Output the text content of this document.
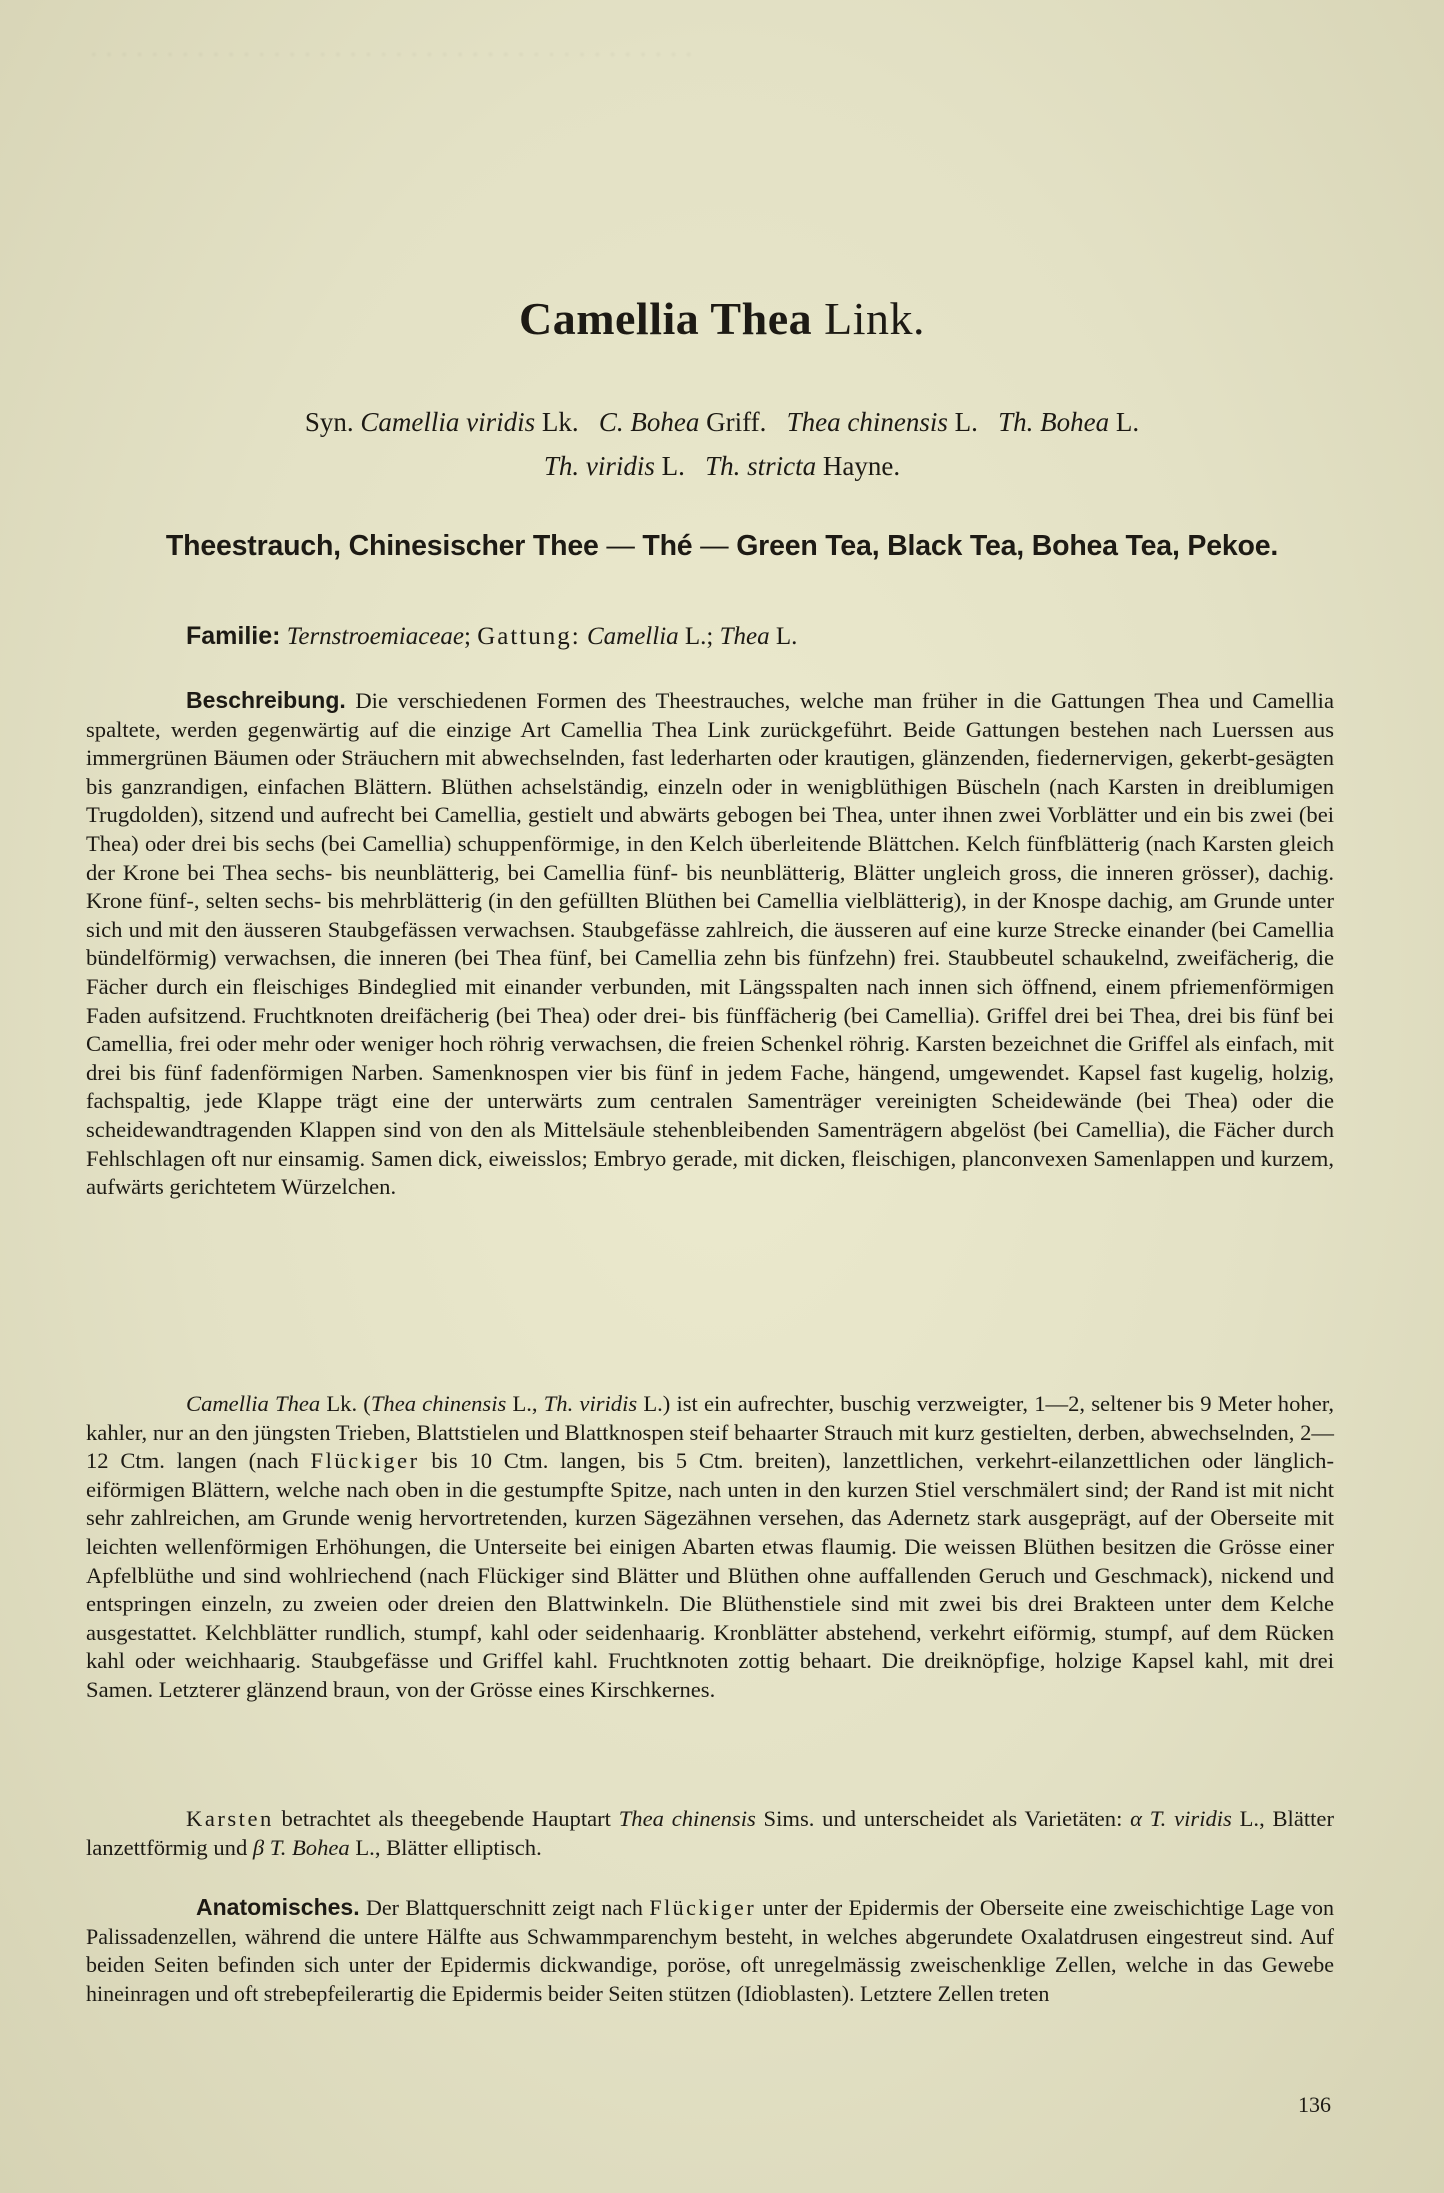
· · · · · · · · · · · · · · · · · · · · · · · · · · · · · · · · · · · · · · · ·
Camellia Thea Link.
Syn. Camellia viridis Lk.   C. Bohea Griff.   Thea chinensis L.   Th. Bohea L.
Th. viridis L.   Th. stricta Hayne.
Theestrauch, Chinesischer Thee — Thé — Green Tea, Black Tea, Bohea Tea, Pekoe.
Familie: Ternstroemiaceae; Gattung: Camellia L.; Thea L.
Beschreibung. Die verschiedenen Formen des Theestrauches, welche man früher in die Gattungen Thea und Camellia spaltete, werden gegenwärtig auf die einzige Art Camellia Thea Link zurückgeführt. Beide Gattungen bestehen nach Luerssen aus immergrünen Bäumen oder Sträuchern mit abwechselnden, fast lederharten oder krautigen, glänzenden, fiedernervigen, gekerbt-gesägten bis ganzrandigen, einfachen Blättern. Blüthen achselständig, einzeln oder in wenigblüthigen Büscheln (nach Karsten in dreiblumigen Trugdolden), sitzend und aufrecht bei Camellia, gestielt und abwärts gebogen bei Thea, unter ihnen zwei Vorblätter und ein bis zwei (bei Thea) oder drei bis sechs (bei Camellia) schuppenförmige, in den Kelch überleitende Blättchen. Kelch fünfblätterig (nach Karsten gleich der Krone bei Thea sechs- bis neunblätterig, bei Camellia fünf- bis neunblätterig, Blätter ungleich gross, die inneren grösser), dachig. Krone fünf-, selten sechs- bis mehrblätterig (in den gefüllten Blüthen bei Camellia vielblätterig), in der Knospe dachig, am Grunde unter sich und mit den äusseren Staubgefässen verwachsen. Staubgefässe zahlreich, die äusseren auf eine kurze Strecke einander (bei Camellia bündelförmig) verwachsen, die inneren (bei Thea fünf, bei Camellia zehn bis fünfzehn) frei. Staubbeutel schaukelnd, zweifächerig, die Fächer durch ein fleischiges Bindeglied mit einander verbunden, mit Längsspalten nach innen sich öffnend, einem pfriemenförmigen Faden aufsitzend. Fruchtknoten dreifächerig (bei Thea) oder drei- bis fünffächerig (bei Camellia). Griffel drei bei Thea, drei bis fünf bei Camellia, frei oder mehr oder weniger hoch röhrig verwachsen, die freien Schenkel röhrig. Karsten bezeichnet die Griffel als einfach, mit drei bis fünf fadenförmigen Narben. Samenknospen vier bis fünf in jedem Fache, hängend, umgewendet. Kapsel fast kugelig, holzig, fachspaltig, jede Klappe trägt eine der unterwärts zum centralen Samenträger vereinigten Scheidewände (bei Thea) oder die scheidewandtragenden Klappen sind von den als Mittelsäule stehenbleibenden Samenträgern abgelöst (bei Camellia), die Fächer durch Fehlschlagen oft nur einsamig. Samen dick, eiweisslos; Embryo gerade, mit dicken, fleischigen, planconvexen Samenlappen und kurzem, aufwärts gerichtetem Würzelchen.
Camellia Thea Lk. (Thea chinensis L., Th. viridis L.) ist ein aufrechter, buschig verzweigter, 1—2, seltener bis 9 Meter hoher, kahler, nur an den jüngsten Trieben, Blattstielen und Blattknospen steif behaarter Strauch mit kurz gestielten, derben, abwechselnden, 2—12 Ctm. langen (nach Flückiger bis 10 Ctm. langen, bis 5 Ctm. breiten), lanzettlichen, verkehrt-eilanzettlichen oder länglich-eiförmigen Blättern, welche nach oben in die gestumpfte Spitze, nach unten in den kurzen Stiel verschmälert sind; der Rand ist mit nicht sehr zahlreichen, am Grunde wenig hervortretenden, kurzen Sägezähnen versehen, das Adernetz stark ausgeprägt, auf der Oberseite mit leichten wellenförmigen Erhöhungen, die Unterseite bei einigen Abarten etwas flaumig. Die weissen Blüthen besitzen die Grösse einer Apfelblüthe und sind wohlriechend (nach Flückiger sind Blätter und Blüthen ohne auffallenden Geruch und Geschmack), nickend und entspringen einzeln, zu zweien oder dreien den Blattwinkeln. Die Blüthenstiele sind mit zwei bis drei Brakteen unter dem Kelche ausgestattet. Kelchblätter rundlich, stumpf, kahl oder seidenhaarig. Kronblätter abstehend, verkehrt eiförmig, stumpf, auf dem Rücken kahl oder weichhaarig. Staubgefässe und Griffel kahl. Fruchtknoten zottig behaart. Die dreiknöpfige, holzige Kapsel kahl, mit drei Samen. Letzterer glänzend braun, von der Grösse eines Kirschkernes.
Karsten betrachtet als theegebende Hauptart Thea chinensis Sims. und unterscheidet als Varietäten: α T. viridis L., Blätter lanzettförmig und β T. Bohea L., Blätter elliptisch.
Anatomisches. Der Blattquerschnitt zeigt nach Flückiger unter der Epidermis der Oberseite eine zweischichtige Lage von Palissadenzellen, während die untere Hälfte aus Schwammparenchym besteht, in welches abgerundete Oxalatdrusen eingestreut sind. Auf beiden Seiten befinden sich unter der Epidermis dickwandige, poröse, oft unregelmässig zweischenklige Zellen, welche in das Gewebe hineinragen und oft strebepfeilerartig die Epidermis beider Seiten stützen (Idioblasten). Letztere Zellen treten
136
